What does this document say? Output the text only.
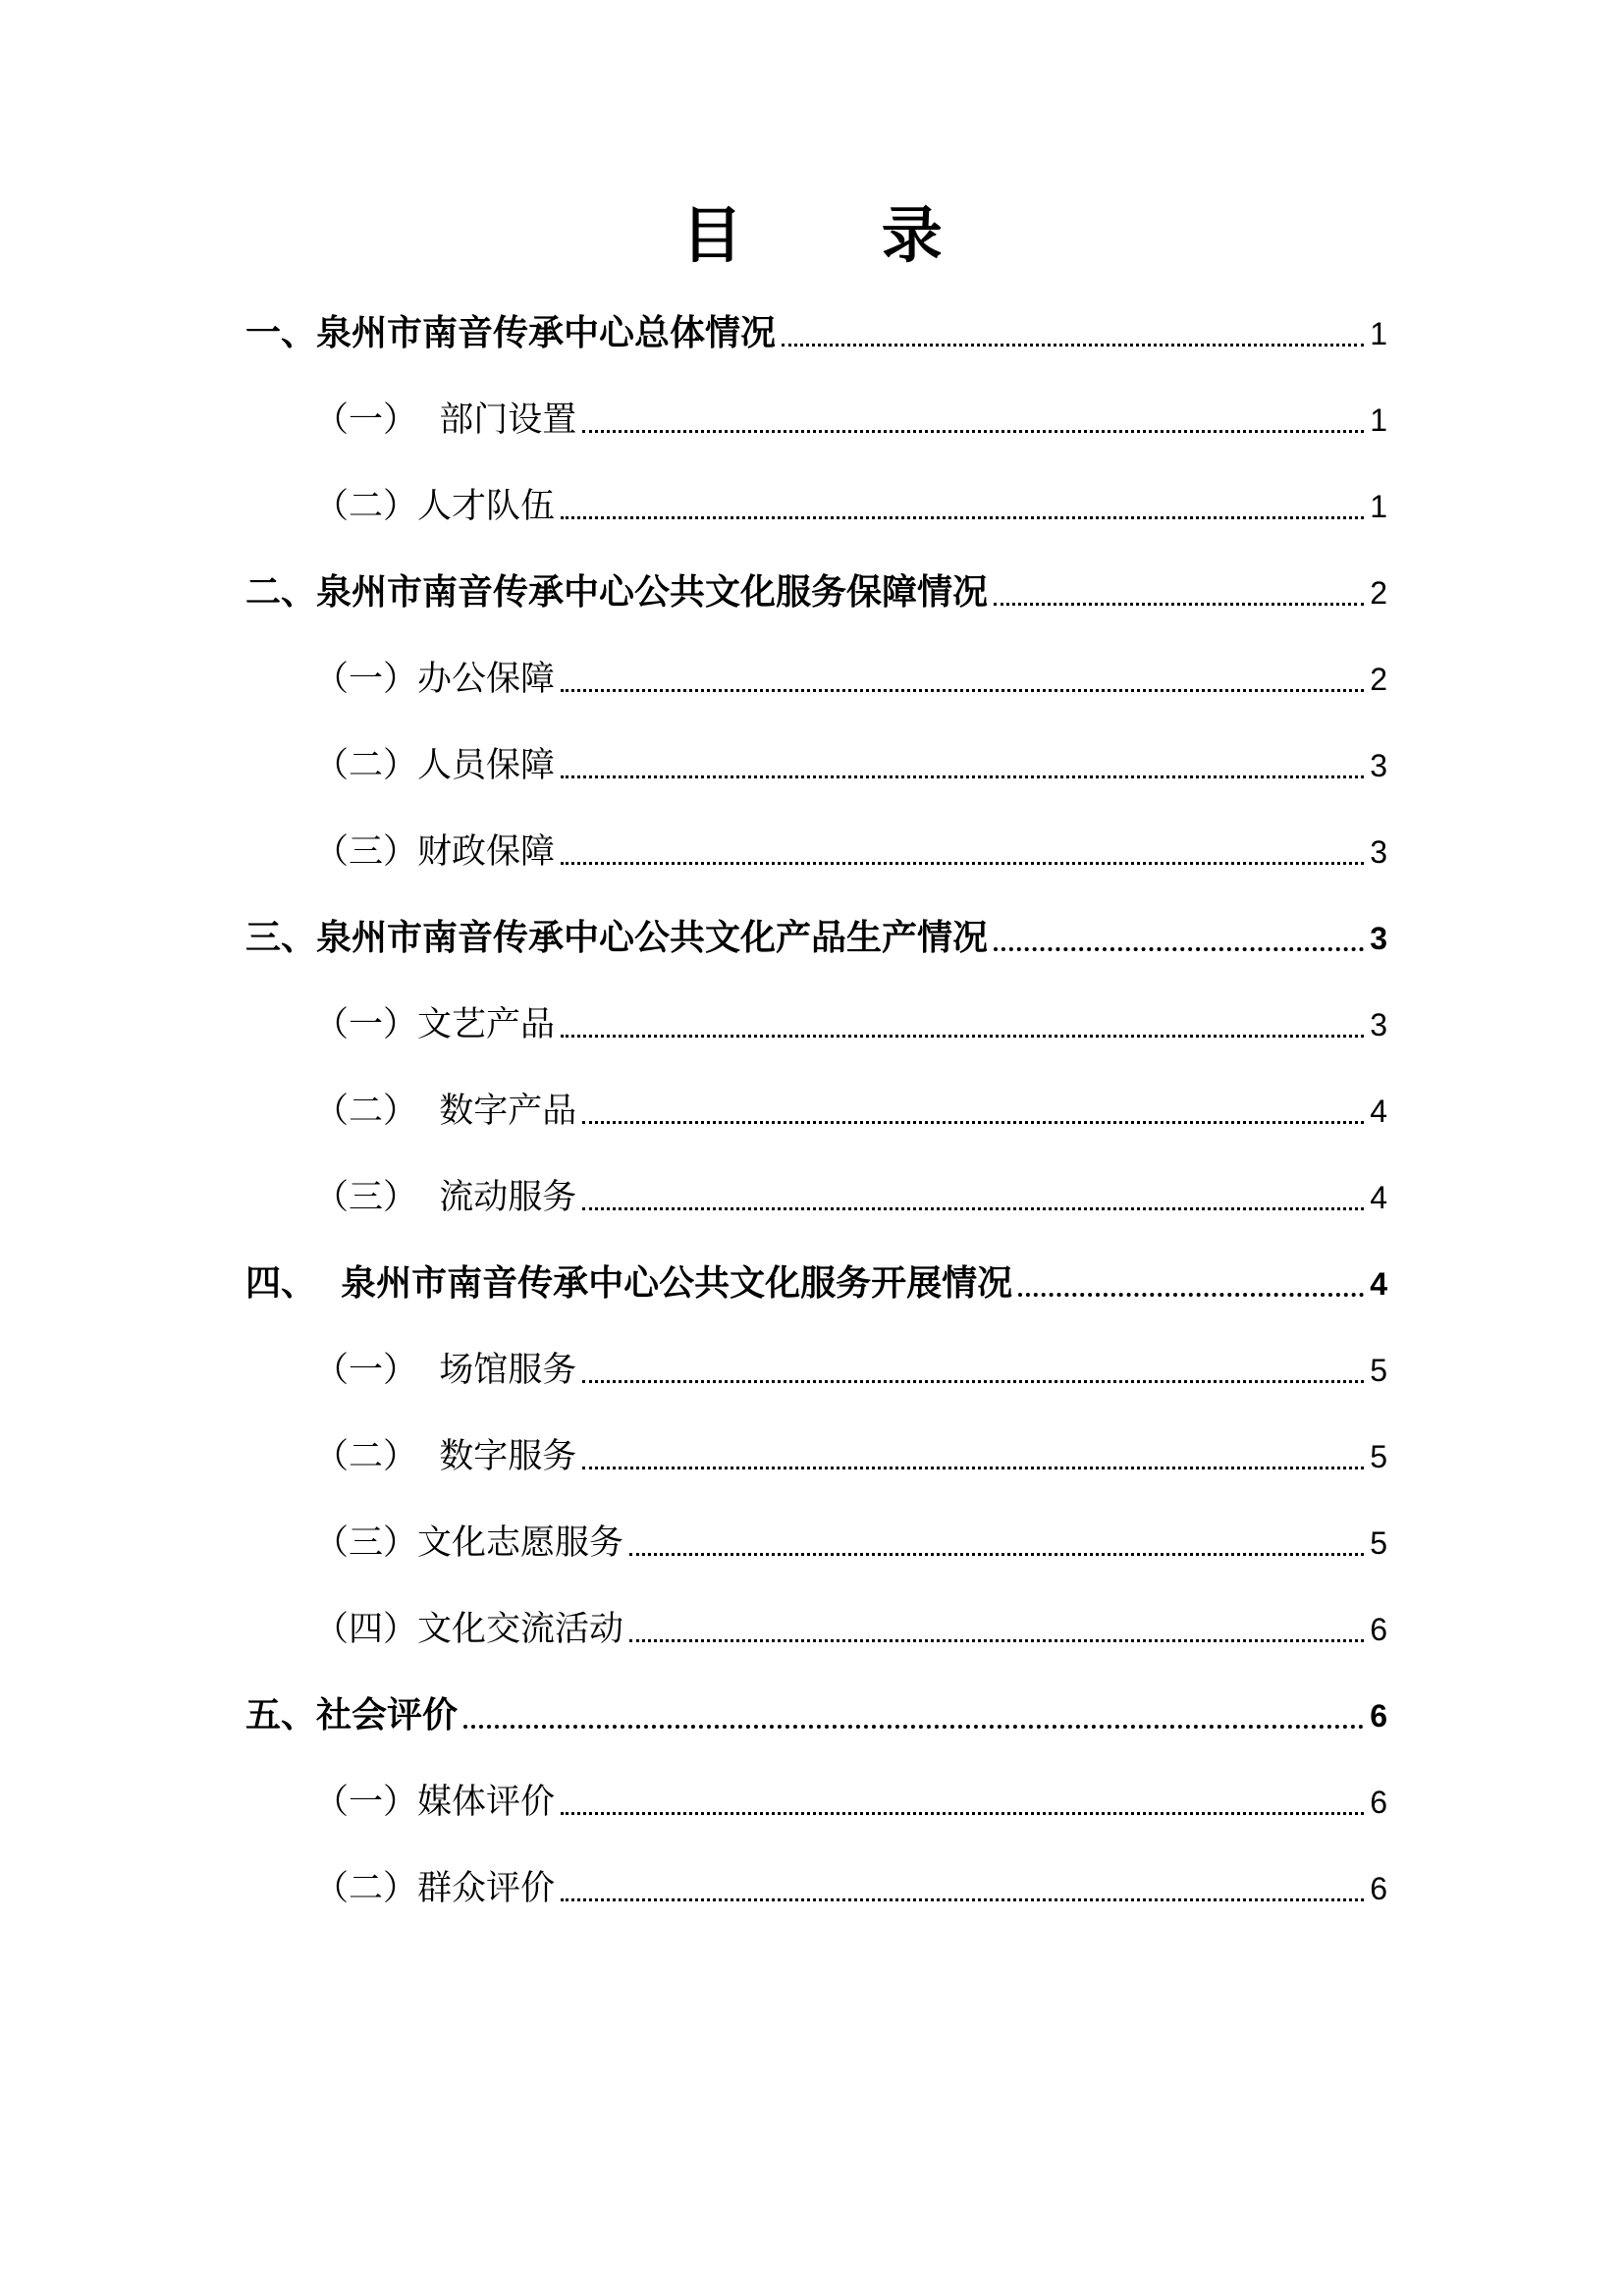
目 录
一、泉州市南音传承中心总体情况	1
（一）  部门设置	1
（二）人才队伍	1
二、泉州市南音传承中心公共文化服务保障情况	2
（一）办公保障	2
（二）人员保障	3
（三）财政保障	3
三、泉州市南音传承中心公共文化产品生产情况	3
（一）文艺产品	3
（二）  数字产品	4
（三）  流动服务	4
四、  泉州市南音传承中心公共文化服务开展情况	4
（一）  场馆服务	5
（二）  数字服务	5
（三）文化志愿服务	5
（四）文化交流活动	6
五、社会评价	6
（一）媒体评价	6
（二）群众评价	6
